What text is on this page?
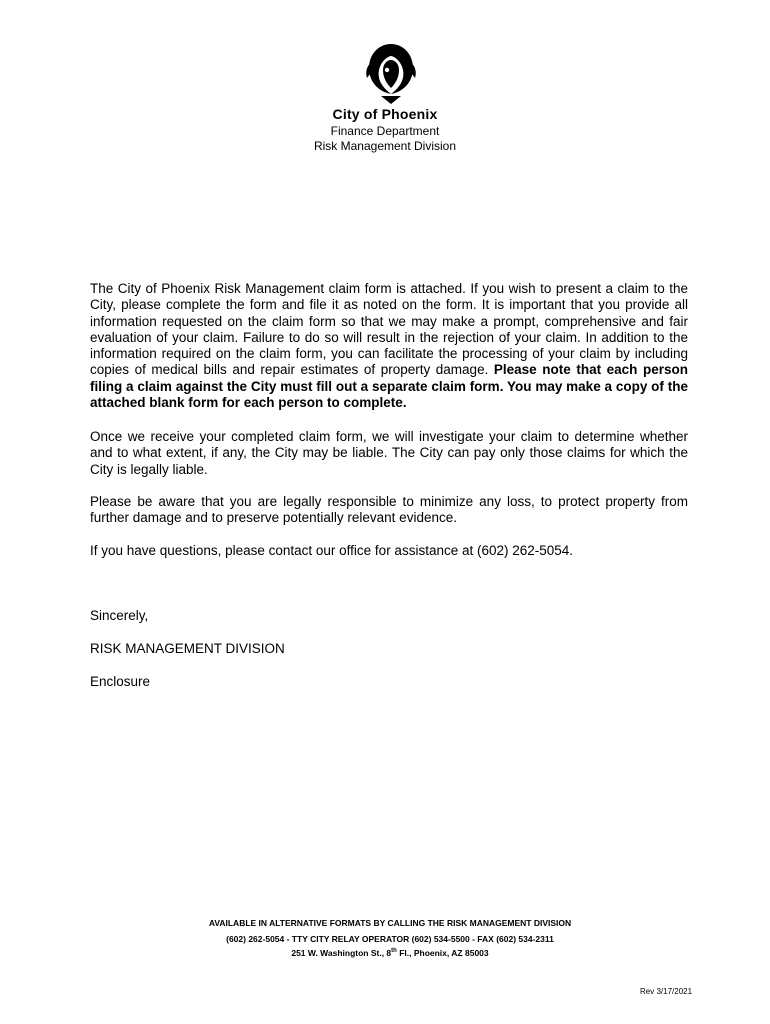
City of Phoenix
Finance Department
Risk Management Division
The City of Phoenix Risk Management claim form is attached. If you wish to present a claim to the City, please complete the form and file it as noted on the form. It is important that you provide all information requested on the claim form so that we may make a prompt, comprehensive and fair evaluation of your claim. Failure to do so will result in the rejection of your claim. In addition to the information required on the claim form, you can facilitate the processing of your claim by including copies of medical bills and repair estimates of property damage. Please note that each person filing a claim against the City must fill out a separate claim form. You may make a copy of the attached blank form for each person to complete.
Once we receive your completed claim form, we will investigate your claim to determine whether and to what extent, if any, the City may be liable. The City can pay only those claims for which the City is legally liable.
Please be aware that you are legally responsible to minimize any loss, to protect property from further damage and to preserve potentially relevant evidence.
If you have questions, please contact our office for assistance at (602) 262-5054.
Sincerely,
RISK MANAGEMENT DIVISION
Enclosure
AVAILABLE IN ALTERNATIVE FORMATS BY CALLING THE RISK MANAGEMENT DIVISION
(602) 262-5054 - TTY CITY RELAY OPERATOR (602) 534-5500 - FAX (602) 534-2311
251 W. Washington St., 8th Fl., Phoenix, AZ 85003
Rev 3/17/2021
